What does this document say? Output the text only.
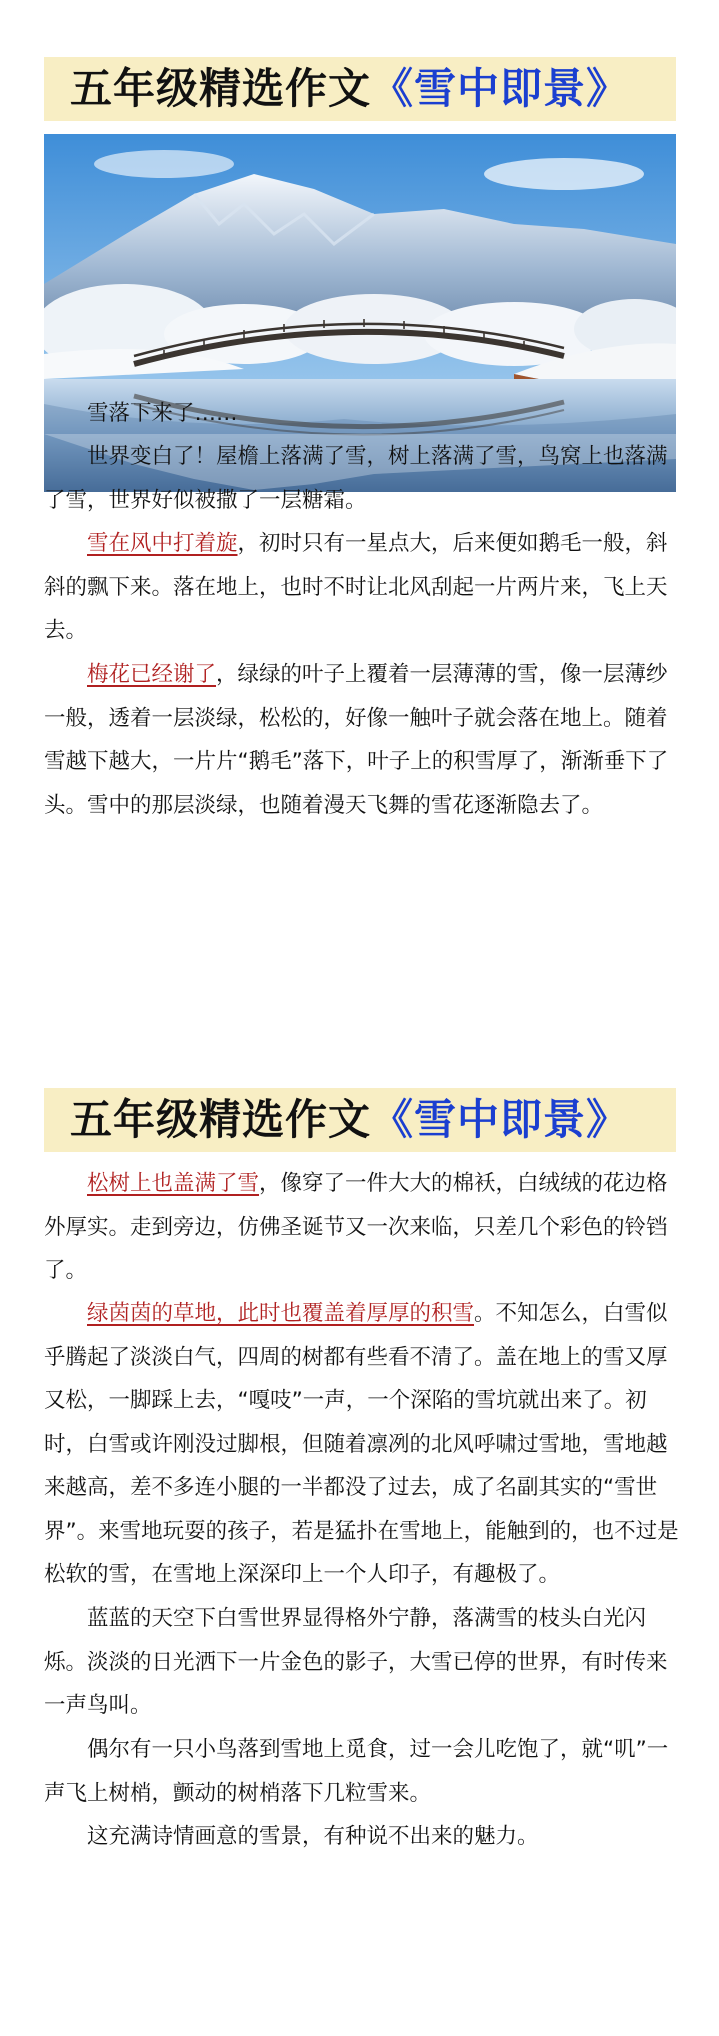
五年级精选作文《雪中即景》

雪落下来了……

世界变白了！屋檐上落满了雪，树上落满了雪，鸟窝上也落满了雪，世界好似被撒了一层糖霜。

雪在风中打着旋，初时只有一星点大，后来便如鹅毛一般，斜斜的飘下来。落在地上，也时不时让北风刮起一片两片来，飞上天去。

梅花已经谢了，绿绿的叶子上覆着一层薄薄的雪，像一层薄纱一般，透着一层淡绿，松松的，好像一触叶子就会落在地上。随着雪越下越大，一片片“鹅毛”落下，叶子上的积雪厚了，渐渐垂下了头。雪中的那层淡绿，也随着漫天飞舞的雪花逐渐隐去了。

五年级精选作文《雪中即景》

松树上也盖满了雪，像穿了一件大大的棉袄，白绒绒的花边格外厚实。走到旁边，仿佛圣诞节又一次来临，只差几个彩色的铃铛了。

绿茵茵的草地，此时也覆盖着厚厚的积雪。不知怎么，白雪似乎腾起了淡淡白气，四周的树都有些看不清了。盖在地上的雪又厚又松，一脚踩上去，“嘎吱”一声，一个深陷的雪坑就出来了。初时，白雪或许刚没过脚根，但随着凛冽的北风呼啸过雪地，雪地越来越高，差不多连小腿的一半都没了过去，成了名副其实的“雪世界”。来雪地玩耍的孩子，若是猛扑在雪地上，能触到的，也不过是松软的雪，在雪地上深深印上一个人印子，有趣极了。

蓝蓝的天空下白雪世界显得格外宁静，落满雪的枝头白光闪烁。淡淡的日光洒下一片金色的影子，大雪已停的世界，有时传来一声鸟叫。

偶尔有一只小鸟落到雪地上觅食，过一会儿吃饱了，就“叽”一声飞上树梢，颤动的树梢落下几粒雪来。

这充满诗情画意的雪景，有种说不出来的魅力。
